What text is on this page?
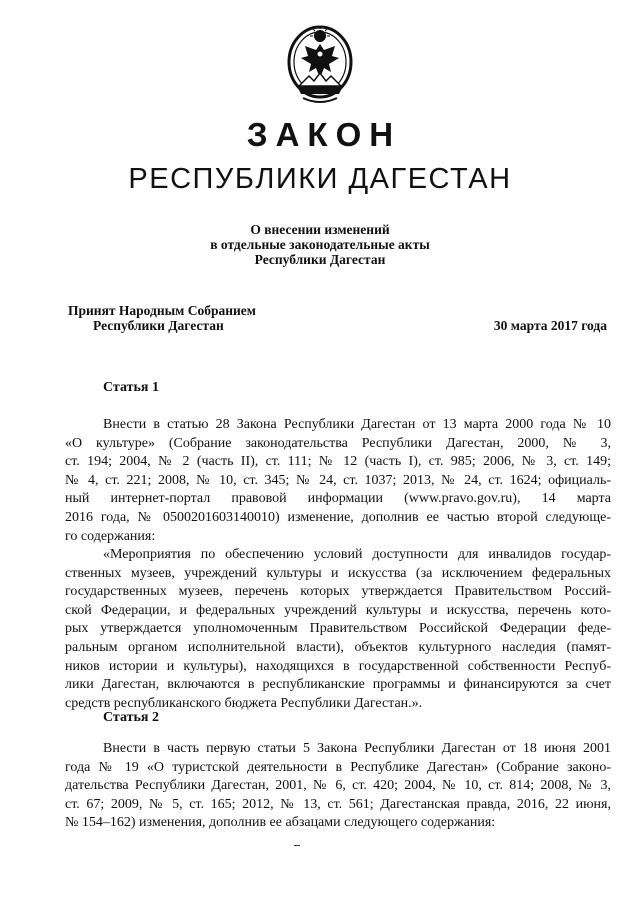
ЗАКОН
РЕСПУБЛИКИ ДАГЕСТАН
О внесении изменений
в отдельные законодательные акты
Республики Дагестан
Принят Народным Собранием
Республики Дагестан	30 марта 2017 года
Статья 1
Внести в статью 28 Закона Республики Дагестан от 13 марта 2000 года № 10
«О культуре» (Собрание законодательства Республики Дагестан, 2000, № 3,
ст. 194; 2004, № 2 (часть II), ст. 111; № 12 (часть I), ст. 985; 2006, № 3, ст. 149;
№ 4, ст. 221; 2008, № 10, ст. 345; № 24, ст. 1037; 2013, № 24, ст. 1624; официаль-
ный интернет-портал правовой информации (www.pravo.gov.ru), 14 марта
2016 года, № 0500201603140010) изменение, дополнив ее частью второй следующе-
го содержания:
«Мероприятия по обеспечению условий доступности для инвалидов государ-
ственных музеев, учреждений культуры и искусства (за исключением федеральных
государственных музеев, перечень которых утверждается Правительством Россий-
ской Федерации, и федеральных учреждений культуры и искусства, перечень кото-
рых утверждается уполномоченным Правительством Российской Федерации феде-
ральным органом исполнительной власти), объектов культурного наследия (памят-
ников истории и культуры), находящихся в государственной собственности Респуб-
лики Дагестан, включаются в республиканские программы и финансируются за счет
средств республиканского бюджета Республики Дагестан.».
Статья 2
Внести в часть первую статьи 5 Закона Республики Дагестан от 18 июня 2001
года № 19 «О туристской деятельности в Республике Дагестан» (Собрание законо-
дательства Республики Дагестан, 2001, № 6, ст. 420; 2004, № 10, ст. 814; 2008, № 3,
ст. 67; 2009, № 5, ст. 165; 2012, № 13, ст. 561; Дагестанская правда, 2016, 22 июня,
№ 154–162) изменения, дополнив ее абзацами следующего содержания:
